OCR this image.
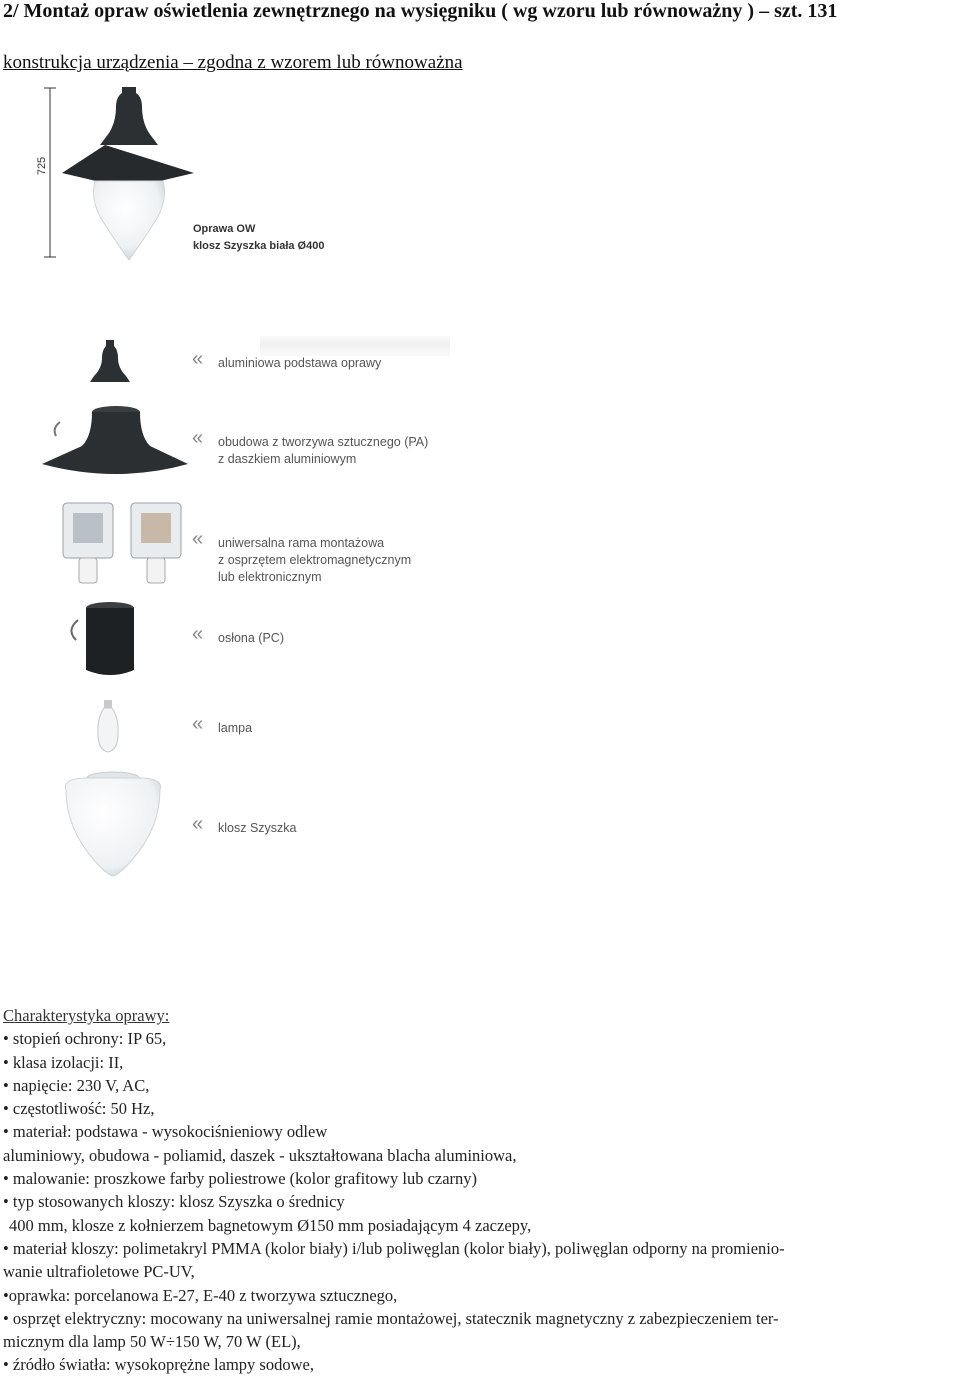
2/ Montaż opraw oświetlenia zewnętrznego na wysięgniku ( wg wzoru lub równoważny ) – szt. 131
konstrukcja urządzenia – zgodna z wzorem lub równoważna
725
Oprawa OW
klosz Szyszka biała Ø400
« aluminiowa podstawa oprawy
« obudowa z tworzywa sztucznego (PA)
z daszkiem aluminiowym
« uniwersalna rama montażowa
z osprzętem elektromagnetycznym
lub elektronicznym
« osłona (PC)
« lampa
« klosz Szyszka
Charakterystyka oprawy:
• stopień ochrony: IP 65,
• klasa izolacji: II,
• napięcie: 230 V, AC,
• częstotliwość: 50 Hz,
• materiał: podstawa - wysokociśnieniowy odlew
aluminiowy, obudowa - poliamid, daszek - ukształtowana blacha aluminiowa,
• malowanie: proszkowe farby poliestrowe (kolor grafitowy lub czarny)
• typ stosowanych kloszy: klosz Szyszka o średnicy
400 mm, klosze z kołnierzem bagnetowym Ø150 mm posiadającym 4 zaczepy,
• materiał kloszy: polimetakryl PMMA (kolor biały) i/lub poliwęglan (kolor biały), poliwęglan odporny na promienio-
wanie ultrafioletowe PC-UV,
•oprawka: porcelanowa E-27, E-40 z tworzywa sztucznego,
• osprzęt elektryczny: mocowany na uniwersalnej ramie montażowej, statecznik magnetyczny z zabezpieczeniem ter-
micznym dla lamp 50 W÷150 W, 70 W (EL),
• źródło światła: wysokoprężne lampy sodowe,
